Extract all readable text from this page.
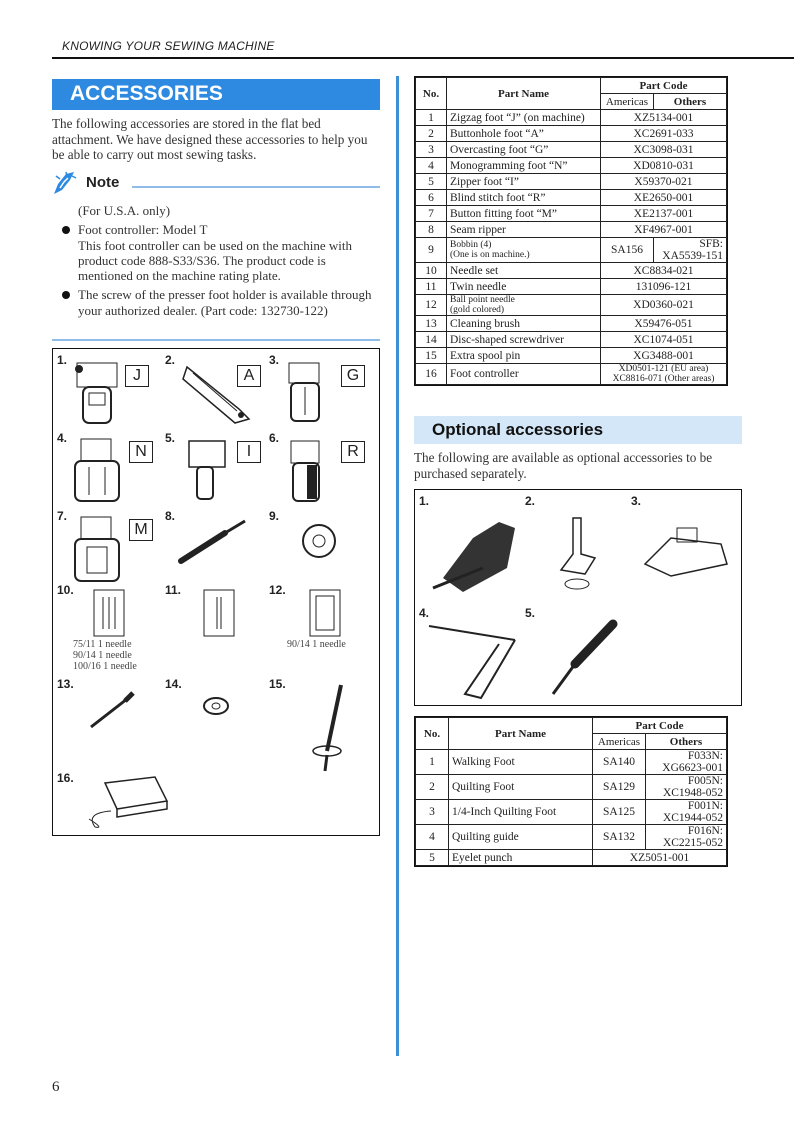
KNOWING YOUR SEWING MACHINE
ACCESSORIES
The following accessories are stored in the flat bed attachment. We have designed these accessories to help you be able to carry out most sewing tasks.
Note
(For U.S.A. only)
Foot controller: Model T
This foot controller can be used on the machine with product code 888-S33/S36. The product code is mentioned on the machine rating plate.
The screw of the presser foot holder is available through your authorized dealer. (Part code: 132730-122)
1.
J
2.
A
3.
G
4.
N
5.
I
6.
R
7.
M
8.	9.
10.
75/11 1 needle
90/14 1 needle
100/16 1 needle
11.	12.
90/14 1 needle
13.	14.	15.
16.
No.	Part Name	Part Code	
		Americas	Others
1	Zigzag foot “J” (on machine)	XZ5134-001	
2	Buttonhole foot “A”	XC2691-033	
3	Overcasting foot “G”	XC3098-031	
4	Monogramming foot “N”	XD0810-031	
5	Zipper foot “I”	X59370-021	
6	Blind stitch foot “R”	XE2650-001	
7	Button fitting foot “M”	XE2137-001	
8	Seam ripper	XF4967-001	
9	Bobbin (4)
(One is on machine.)	SA156	SFB:
XA5539-151
10	Needle set	XC8834-021	
11	Twin needle	131096-121	
12	Ball point needle
(gold colored)	XD0360-021	
13	Cleaning brush	X59476-051	
14	Disc-shaped screwdriver	XC1074-051	
15	Extra spool pin	XG3488-001	
16	Foot controller	XD0501-121 (EU area)
XC8816-071 (Other areas)	
Optional accessories
The following are available as optional accessories to be purchased separately.
1.	2.	3.
4.	5.
No.	Part Name	Part Code	
		Americas	Others
1	Walking Foot	SA140	F033N:
XG6623-001
2	Quilting Foot	SA129	F005N:
XC1948-052
3	1/4-Inch Quilting Foot	SA125	F001N:
XC1944-052
4	Quilting guide	SA132	F016N:
XC2215-052
5	Eyelet punch	XZ5051-001	
6
